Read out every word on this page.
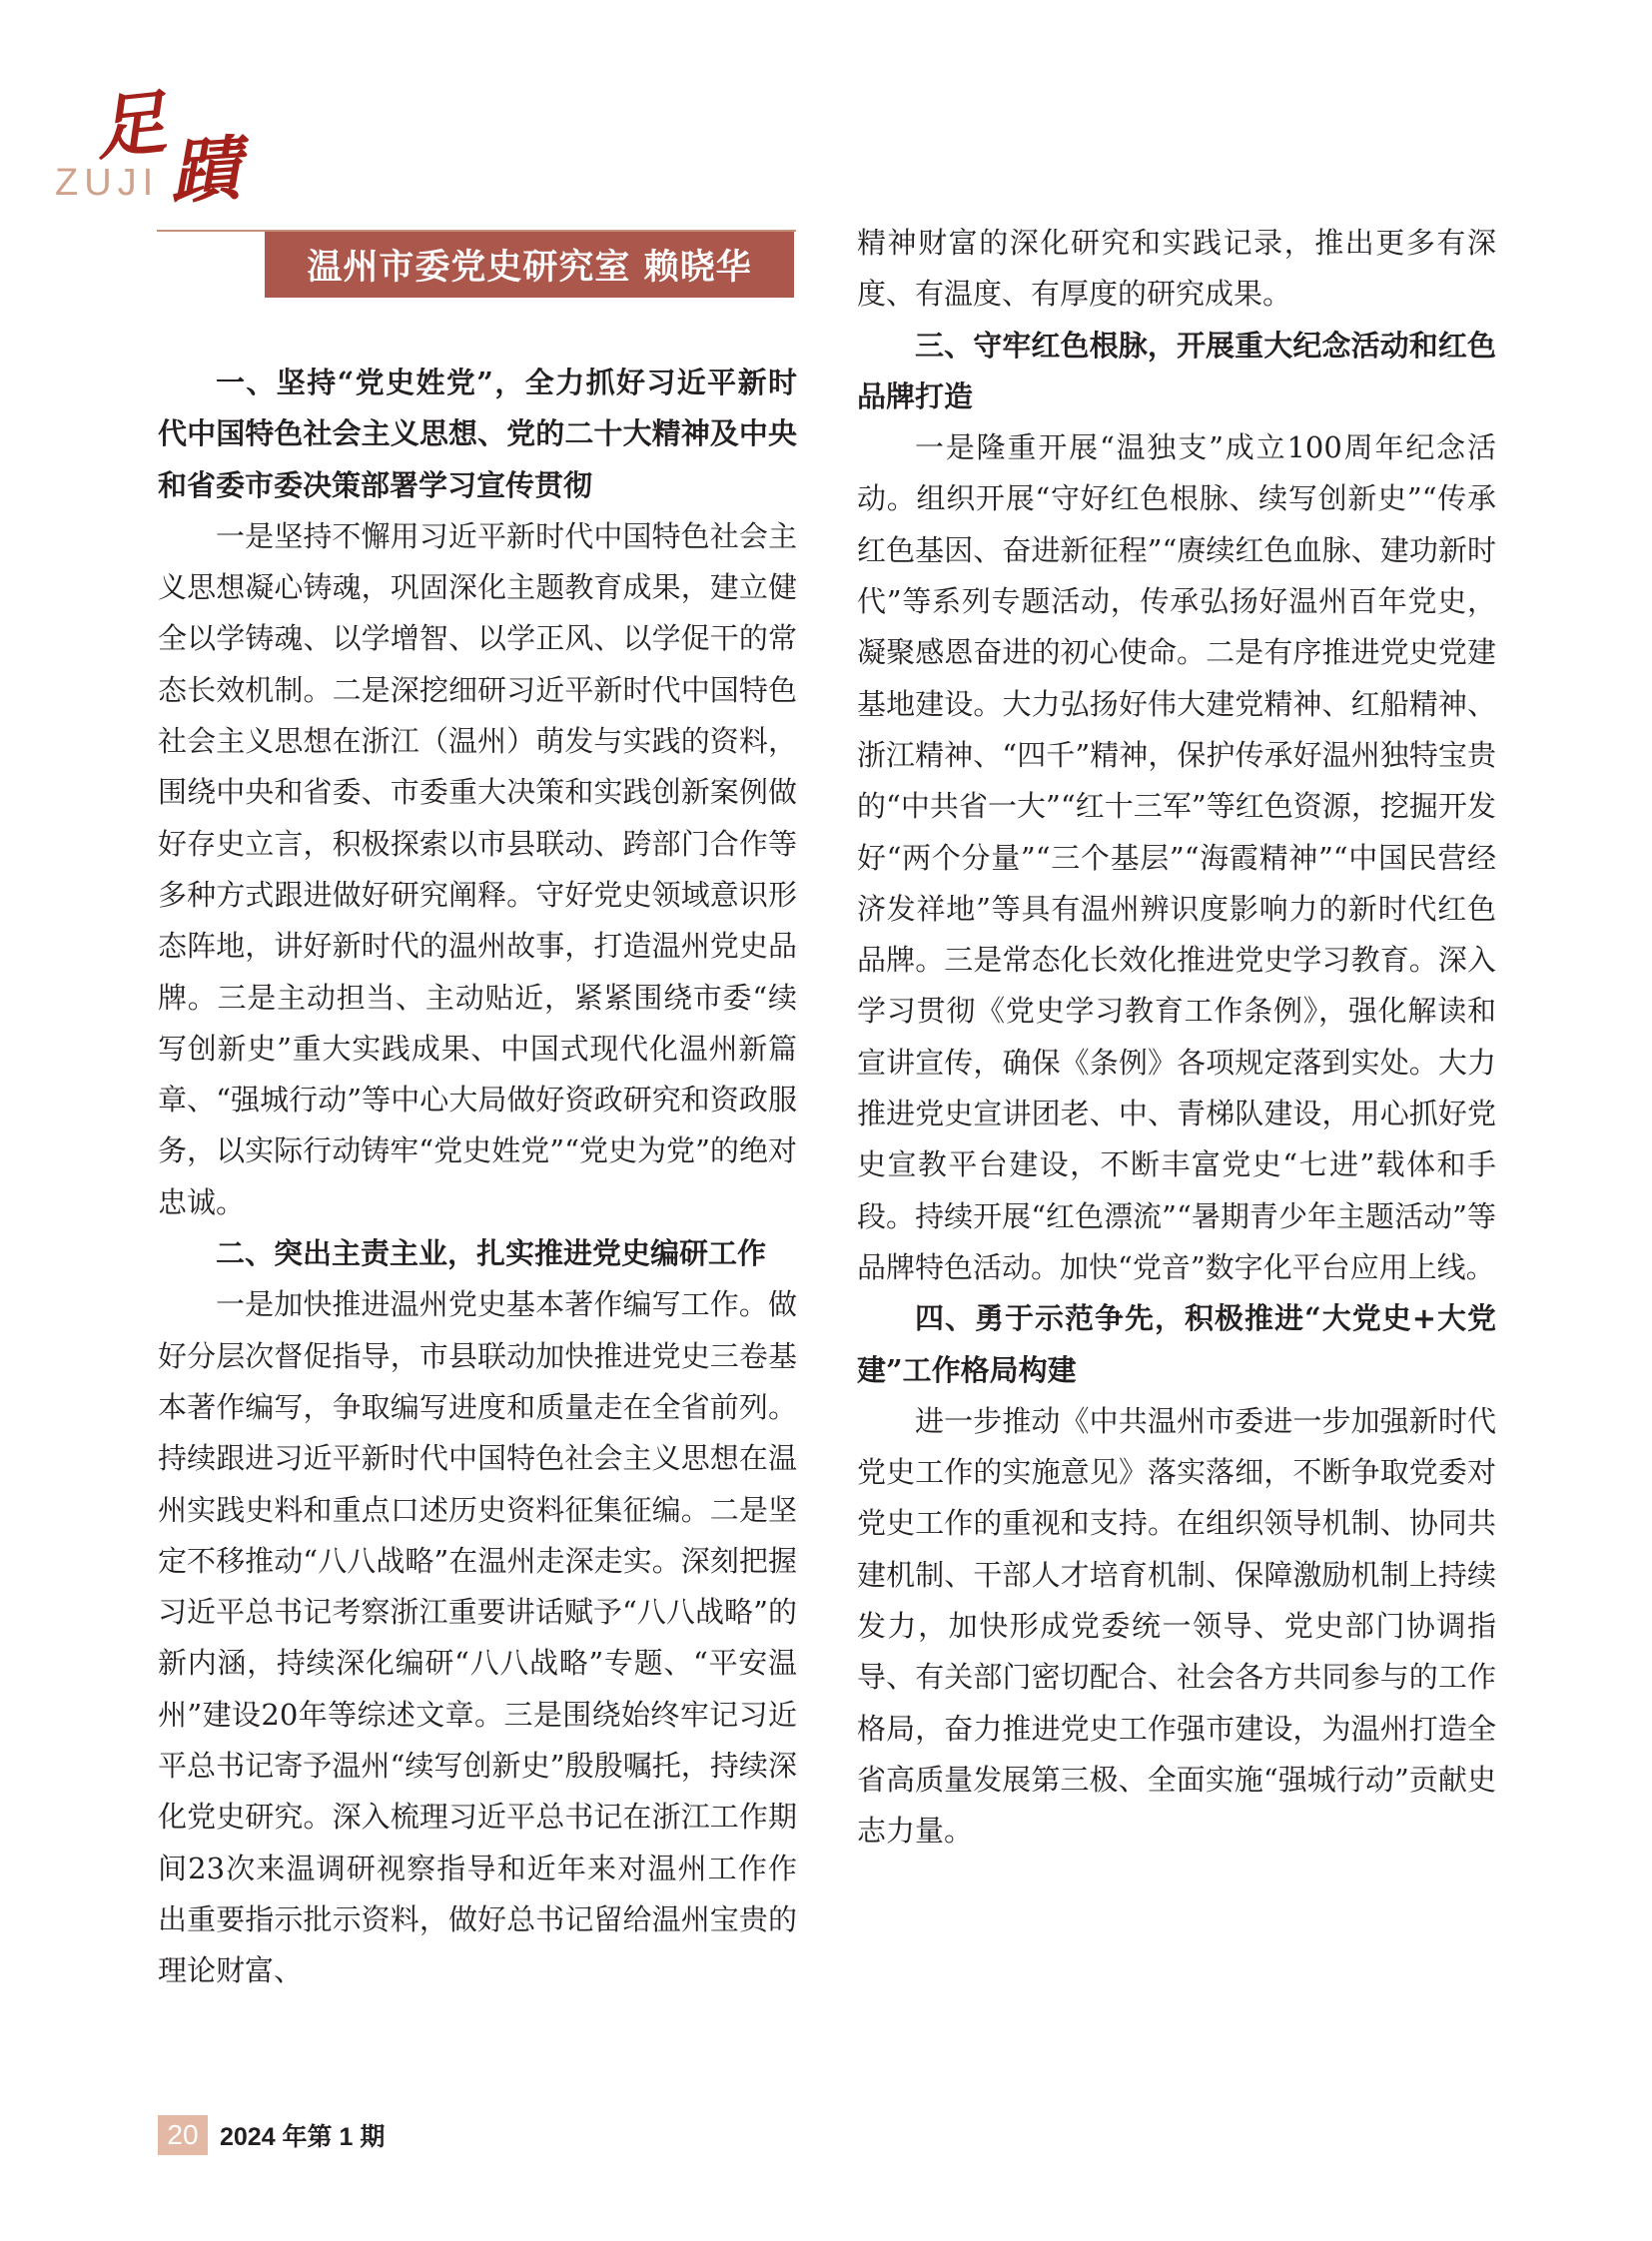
足
蹟
ZUJI
温州市委党史研究室 赖晓华
一、坚持“党史姓党”，全力抓好习近平新时代中国特色社会主义思想、党的二十大精神及中央和省委市委决策部署学习宣传贯彻

一是坚持不懈用习近平新时代中国特色社会主义思想凝心铸魂，巩固深化主题教育成果，建立健全以学铸魂、以学增智、以学正风、以学促干的常态长效机制。二是深挖细研习近平新时代中国特色社会主义思想在浙江（温州）萌发与实践的资料，围绕中央和省委、市委重大决策和实践创新案例做好存史立言，积极探索以市县联动、跨部门合作等多种方式跟进做好研究阐释。守好党史领域意识形态阵地，讲好新时代的温州故事，打造温州党史品牌。三是主动担当、主动贴近，紧紧围绕市委“续写创新史”重大实践成果、中国式现代化温州新篇章、“强城行动”等中心大局做好资政研究和资政服务，以实际行动铸牢“党史姓党”“党史为党”的绝对忠诚。

二、突出主责主业，扎实推进党史编研工作

一是加快推进温州党史基本著作编写工作。做好分层次督促指导，市县联动加快推进党史三卷基本著作编写，争取编写进度和质量走在全省前列。持续跟进习近平新时代中国特色社会主义思想在温州实践史料和重点口述历史资料征集征编。二是坚定不移推动“八八战略”在温州走深走实。深刻把握习近平总书记考察浙江重要讲话赋予“八八战略”的新内涵，持续深化编研“八八战略”专题、“平安温州”建设20年等综述文章。三是围绕始终牢记习近平总书记寄予温州“续写创新史”殷殷嘱托，持续深化党史研究。深入梳理习近平总书记在浙江工作期间23次来温调研视察指导和近年来对温州工作作出重要指示批示资料，做好总书记留给温州宝贵的理论财富、

精神财富的深化研究和实践记录，推出更多有深度、有温度、有厚度的研究成果。

三、守牢红色根脉，开展重大纪念活动和红色品牌打造

一是隆重开展“温独支”成立100周年纪念活动。组织开展“守好红色根脉、续写创新史”“传承红色基因、奋进新征程”“赓续红色血脉、建功新时代”等系列专题活动，传承弘扬好温州百年党史，凝聚感恩奋进的初心使命。二是有序推进党史党建基地建设。大力弘扬好伟大建党精神、红船精神、浙江精神、“四千”精神，保护传承好温州独特宝贵的“中共省一大”“红十三军”等红色资源，挖掘开发好“两个分量”“三个基层”“海霞精神”“中国民营经济发祥地”等具有温州辨识度影响力的新时代红色品牌。三是常态化长效化推进党史学习教育。深入学习贯彻《党史学习教育工作条例》，强化解读和宣讲宣传，确保《条例》各项规定落到实处。大力推进党史宣讲团老、中、青梯队建设，用心抓好党史宣教平台建设，不断丰富党史“七进”载体和手段。持续开展“红色漂流”“暑期青少年主题活动”等品牌特色活动。加快“党音”数字化平台应用上线。

四、勇于示范争先，积极推进“大党史+大党建”工作格局构建

进一步推动《中共温州市委进一步加强新时代党史工作的实施意见》落实落细，不断争取党委对党史工作的重视和支持。在组织领导机制、协同共建机制、干部人才培育机制、保障激励机制上持续发力，加快形成党委统一领导、党史部门协调指导、有关部门密切配合、社会各方共同参与的工作格局，奋力推进党史工作强市建设，为温州打造全省高质量发展第三极、全面实施“强城行动”贡献史志力量。

20 2024 年第 1 期
